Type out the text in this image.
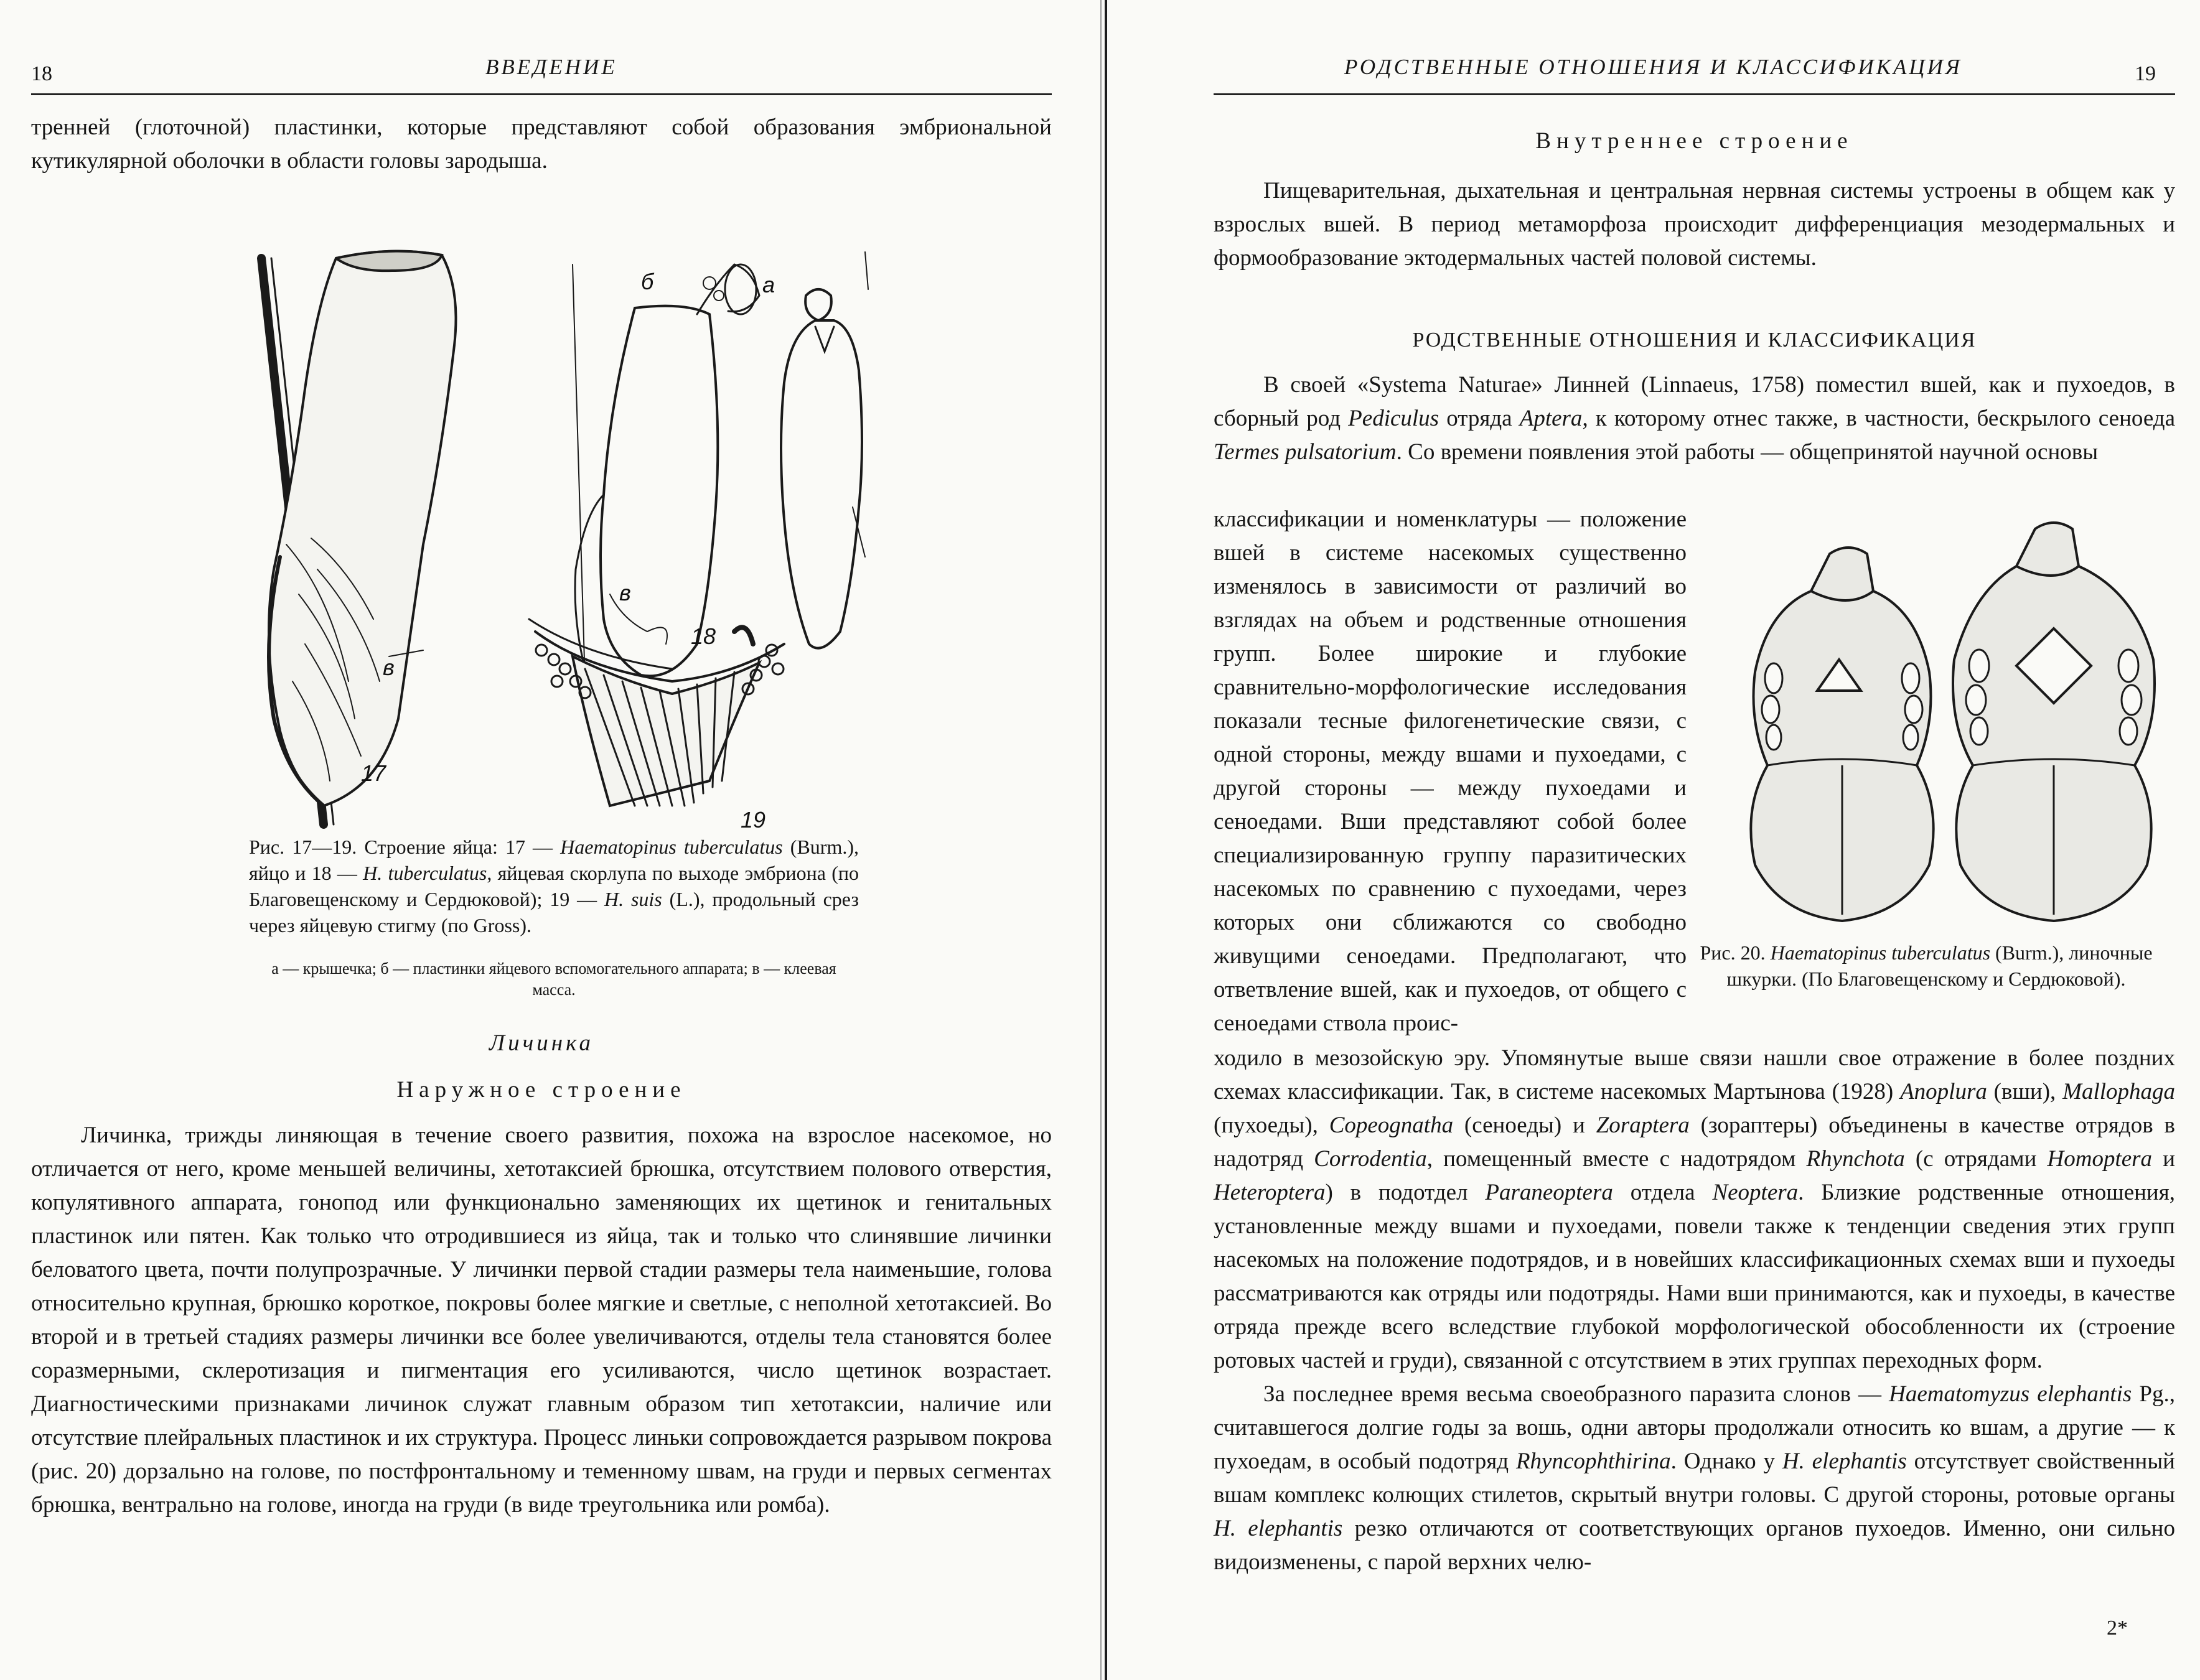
18	ВВЕДЕНИЕ

тренней (глоточной) пластинки, которые представляют собой образования эмбриональной кутикулярной оболочки в области головы зародыша.

б	а
в
в
17
18
19
Рис. 17—19. Строение яйца: 17 — Haematopinus tuberculatus (Burm.), яйцо и 18 — H. tuberculatus, яйцевая скорлупа по выходе эмбриона (по Благовещенскому и Сердюковой); 19 — H. suis (L.), продольный срез через яйцевую стигму (по Gross).
а — крышечка; б — пластинки яйцевого вспомогательного аппарата; в — клеевая масса.
Личинка
Наружное строение

Личинка, трижды линяющая в течение своего развития, похожа на взрослое насекомое, но отличается от него, кроме меньшей величины, хетотаксией брюшка, отсутствием полового отверстия, копулятивного аппарата, гонопод или функционально заменяющих их щетинок и генитальных пластинок или пятен. Как только что отродившиеся из яйца, так и только что слинявшие личинки беловатого цвета, почти полупрозрачные. У личинки первой стадии размеры тела наименьшие, голова относительно крупная, брюшко короткое, покровы более мягкие и светлые, с неполной хетотаксией. Во второй и в третьей стадиях размеры личинки все более увеличиваются, отделы тела становятся более соразмерными, склеротизация и пигментация его усиливаются, число щетинок возрастает. Диагностическими признаками личинок служат главным образом тип хетотаксии, наличие или отсутствие плейральных пластинок и их структура. Процесс линьки сопровождается разрывом покрова (рис. 20) дорзально на голове, по постфронтальному и теменному швам, на груди и первых сегментах брюшка, вентрально на голове, иногда на груди (в виде треугольника или ромба).

РОДСТВЕННЫЕ ОТНОШЕНИЯ И КЛАССИФИКАЦИЯ	19
Внутреннее строение

Пищеварительная, дыхательная и центральная нервная системы устроены в общем как у взрослых вшей. В период метаморфоза происходит дифференциация мезодермальных и формообразование эктодермальных частей половой системы.

РОДСТВЕННЫЕ ОТНОШЕНИЯ И КЛАССИФИКАЦИЯ

В своей «Systema Naturae» Линней (Linnaeus, 1758) поместил вшей, как и пухоедов, в сборный род Pediculus отряда Aptera, к которому отнес также, в частности, бескрылого сеноеда Termes pulsatorium. Со времени появления этой работы — общепринятой научной основы

классификации и номенклатуры — положение вшей в системе насекомых существенно изменялось в зависимости от различий во взглядах на объем и родственные отношения групп. Более широкие и глубокие сравнительно-морфологические исследования показали тесные филогенетические связи, с одной стороны, между вшами и пухоедами, с другой стороны — между пухоедами и сеноедами. Вши представляют собой более специализированную группу паразитических насекомых по сравнению с пухоедами, через которых они сближаются со свободно живущими сеноедами. Предполагают, что ответвление вшей, как и пухоедов, от общего с сеноедами ствола проис-

Рис. 20. Haematopinus tuberculatus (Burm.), линочные шкурки. (По Благовещенскому и Сердюковой).

ходило в мезозойскую эру. Упомянутые выше связи нашли свое отражение в более поздних схемах классификации. Так, в системе насекомых Мартынова (1928) Anoplura (вши), Mallophaga (пухоеды), Copeognatha (сеноеды) и Zoraptera (зораптеры) объединены в качестве отрядов в надотряд Corrodentia, помещенный вместе с надотрядом Rhynchota (с отрядами Homoptera и Heteroptera) в подотдел Paraneoptera отдела Neoptera. Близкие родственные отношения, установленные между вшами и пухоедами, повели также к тенденции сведения этих групп насекомых на положение подотрядов, и в новейших классификационных схемах вши и пухоеды рассматриваются как отряды или подотряды. Нами вши принимаются, как и пухоеды, в качестве отряда прежде всего вследствие глубокой морфологической обособленности их (строение ротовых частей и груди), связанной с отсутствием в этих группах переходных форм.

За последнее время весьма своеобразного паразита слонов — Haematomyzus elephantis Pg., считавшегося долгие годы за вошь, одни авторы продолжали относить ко вшам, а другие — к пухоедам, в особый подотряд Rhyncophthirina. Однако у H. elephantis отсутствует свойственный вшам комплекс колющих стилетов, скрытый внутри головы. С другой стороны, ротовые органы H. elephantis резко отличаются от соответствующих органов пухоедов. Именно, они сильно видоизменены, с парой верхних челю-

2*
